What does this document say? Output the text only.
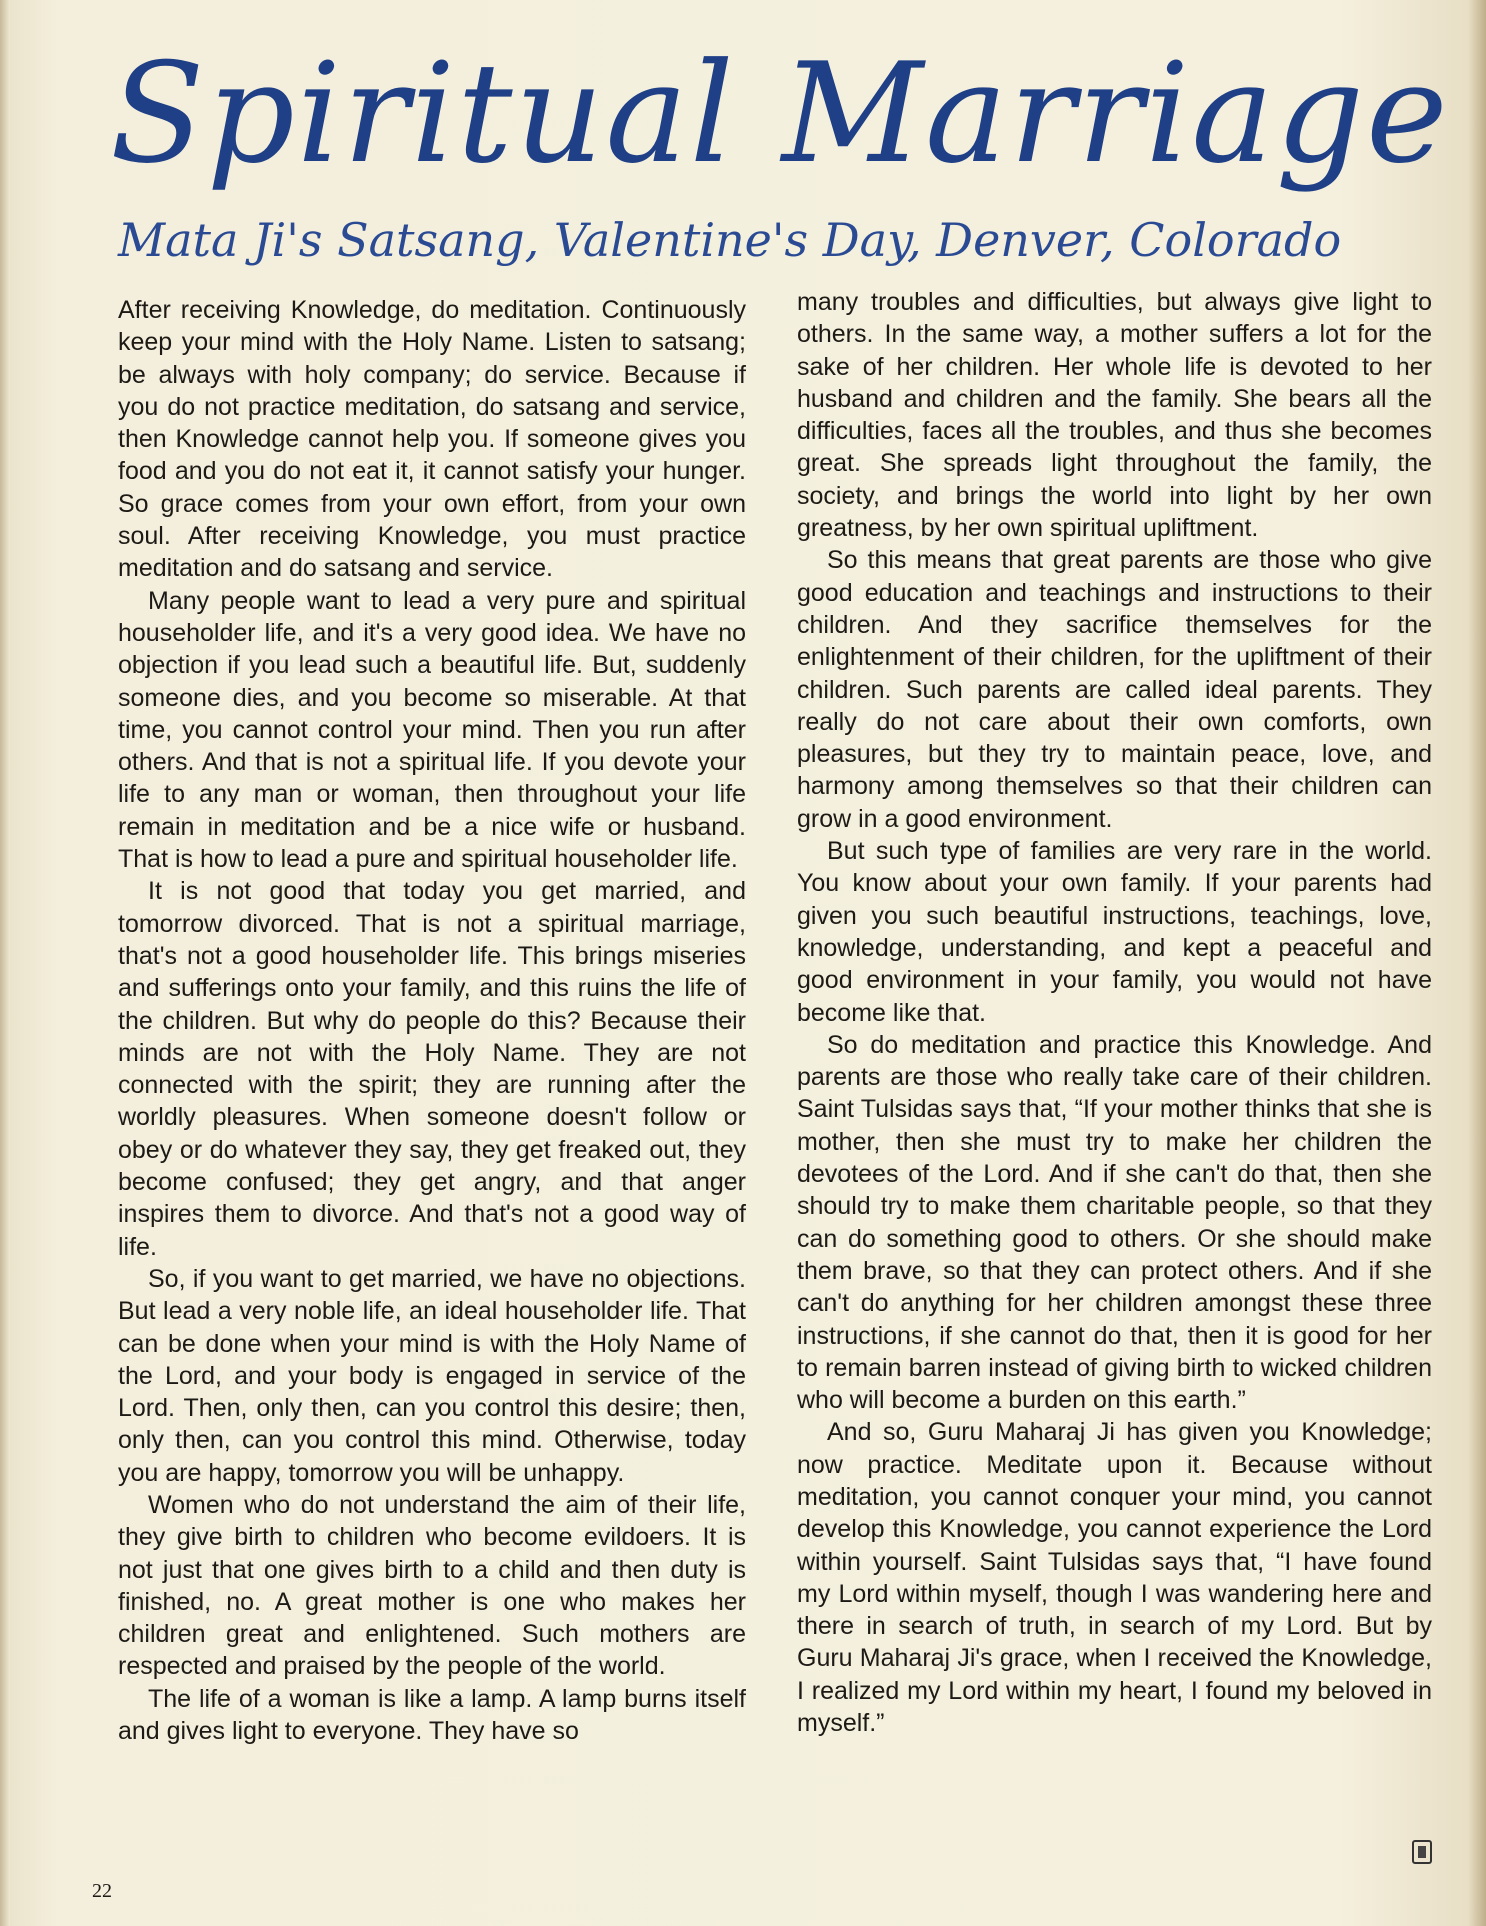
Spiritual Marriage
Mata Ji's Satsang, Valentine's Day, Denver, Colorado

After receiving Knowledge, do meditation. Continuously keep your mind with the Holy Name. Listen to satsang; be always with holy company; do service. Because if you do not practice meditation, do satsang and service, then Knowledge cannot help you. If someone gives you food and you do not eat it, it cannot satisfy your hunger. So grace comes from your own effort, from your own soul. After receiving Knowledge, you must practice meditation and do satsang and service.

Many people want to lead a very pure and spiritual householder life, and it's a very good idea. We have no objection if you lead such a beautiful life. But, suddenly someone dies, and you become so miserable. At that time, you cannot control your mind. Then you run after others. And that is not a spiritual life. If you devote your life to any man or woman, then throughout your life remain in meditation and be a nice wife or husband. That is how to lead a pure and spiritual householder life.

It is not good that today you get married, and tomorrow divorced. That is not a spiritual marriage, that's not a good householder life. This brings miseries and sufferings onto your family, and this ruins the life of the children. But why do people do this? Because their minds are not with the Holy Name. They are not connected with the spirit; they are running after the worldly pleasures. When someone doesn't follow or obey or do whatever they say, they get freaked out, they become confused; they get angry, and that anger inspires them to divorce. And that's not a good way of life.

So, if you want to get married, we have no objections. But lead a very noble life, an ideal householder life. That can be done when your mind is with the Holy Name of the Lord, and your body is engaged in service of the Lord. Then, only then, can you control this desire; then, only then, can you control this mind. Otherwise, today you are happy, tomorrow you will be unhappy.

Women who do not understand the aim of their life, they give birth to children who become evildoers. It is not just that one gives birth to a child and then duty is finished, no. A great mother is one who makes her children great and enlightened. Such mothers are respected and praised by the people of the world.

The life of a woman is like a lamp. A lamp burns itself and gives light to everyone. They have so

many troubles and difficulties, but always give light to others. In the same way, a mother suffers a lot for the sake of her children. Her whole life is devoted to her husband and children and the family. She bears all the difficulties, faces all the troubles, and thus she becomes great. She spreads light throughout the family, the society, and brings the world into light by her own greatness, by her own spiritual upliftment.

So this means that great parents are those who give good education and teachings and instructions to their children. And they sacrifice themselves for the enlightenment of their children, for the upliftment of their children. Such parents are called ideal parents. They really do not care about their own comforts, own pleasures, but they try to maintain peace, love, and harmony among themselves so that their children can grow in a good environment.

But such type of families are very rare in the world. You know about your own family. If your parents had given you such beautiful instructions, teachings, love, knowledge, understanding, and kept a peaceful and good environment in your family, you would not have become like that.

So do meditation and practice this Knowledge. And parents are those who really take care of their children. Saint Tulsidas says that, “If your mother thinks that she is mother, then she must try to make her children the devotees of the Lord. And if she can't do that, then she should try to make them charitable people, so that they can do something good to others. Or she should make them brave, so that they can protect others. And if she can't do anything for her children amongst these three instructions, if she cannot do that, then it is good for her to remain barren instead of giving birth to wicked children who will become a burden on this earth.”

And so, Guru Maharaj Ji has given you Knowledge; now practice. Meditate upon it. Because without meditation, you cannot conquer your mind, you cannot develop this Knowledge, you cannot experience the Lord within yourself. Saint Tulsidas says that, “I have found my Lord within myself, though I was wandering here and there in search of truth, in search of my Lord. But by Guru Maharaj Ji's grace, when I received the Knowledge, I realized my Lord within my heart, I found my beloved in myself.”

22
